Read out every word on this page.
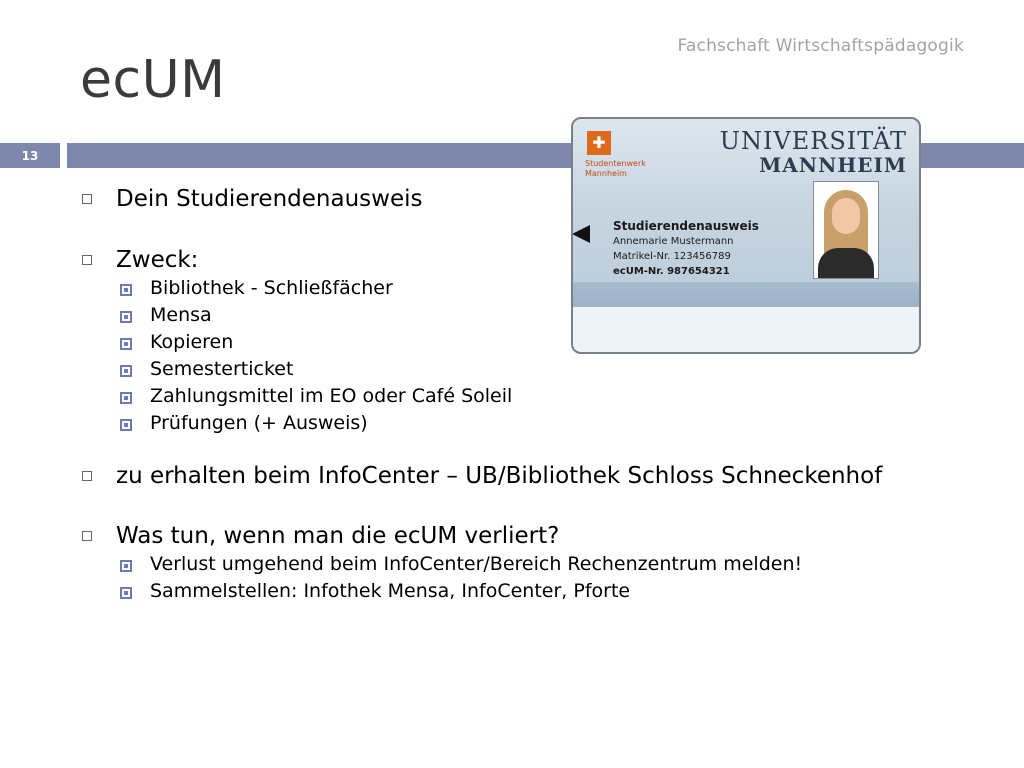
Fachschaft Wirtschaftspädagogik
ecUM
13
✚
Studentenwerk
Mannheim
UNIVERSITÄT
MANNHEIM
Studierendenausweis
Annemarie Mustermann
Matrikel-Nr. 123456789
ecUM-Nr. 987654321
Dein Studierendenausweis
Zweck:
Bibliothek - Schließfächer
Mensa
Kopieren
Semesterticket
Zahlungsmittel im EO oder Café Soleil
Prüfungen (+ Ausweis)
zu erhalten beim InfoCenter – UB/Bibliothek Schloss Schneckenhof
Was tun, wenn man die ecUM verliert?
Verlust umgehend beim InfoCenter/Bereich Rechenzentrum melden!
Sammelstellen: Infothek Mensa, InfoCenter, Pforte
